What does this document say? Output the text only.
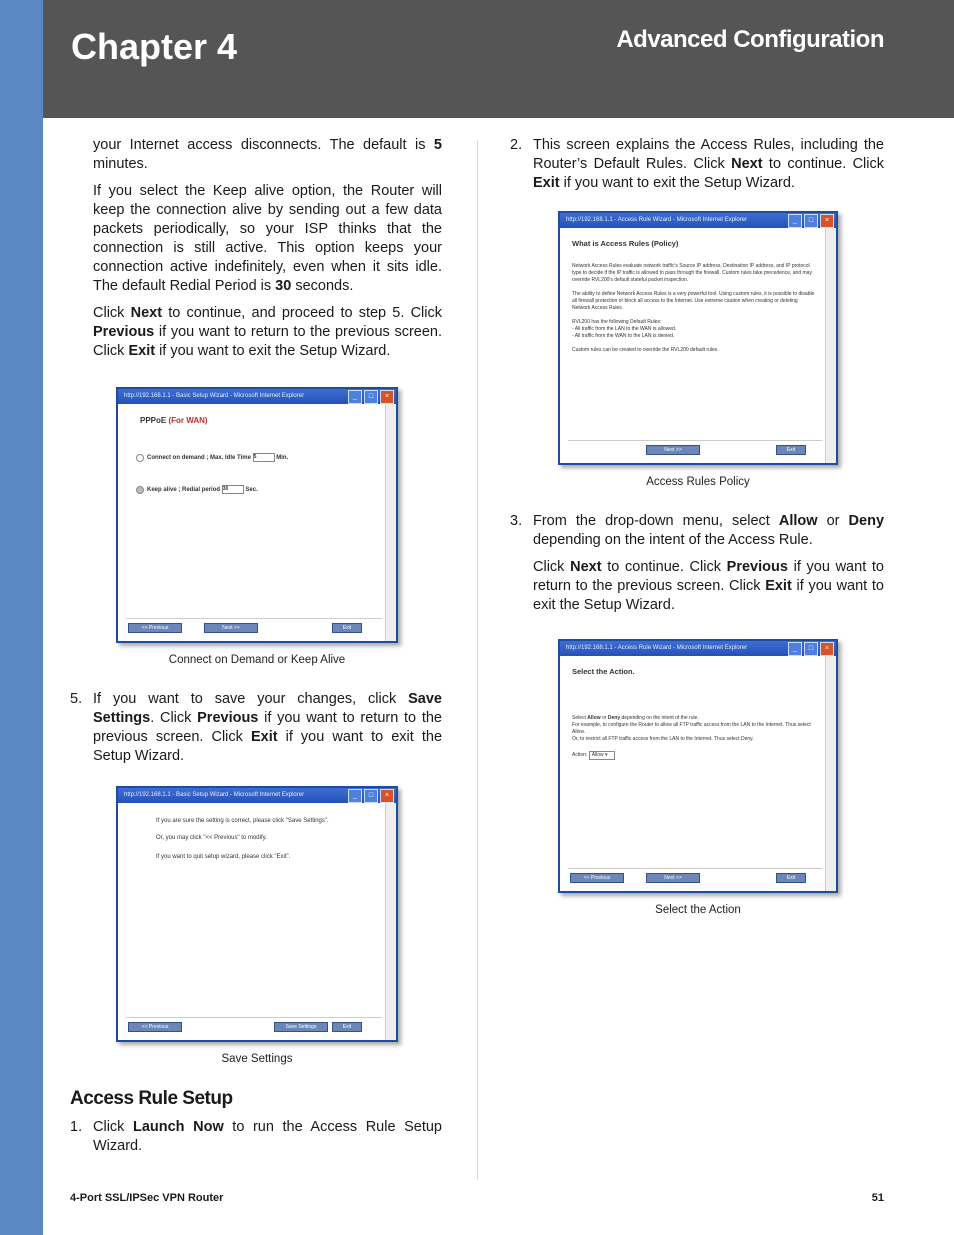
Chapter 4	Advanced Configuration

your Internet access disconnects. The default is 5 minutes.

If you select the Keep alive option, the Router will keep the connection alive by sending out a few data packets periodically, so your ISP thinks that the connection is still active. This option keeps your connection active indefinitely, even when it sits idle. The default Redial Period is 30 seconds.

Click Next to continue, and proceed to step 5. Click Previous if you want to return to the previous screen. Click Exit if you want to exit the Setup Wizard.

http://192.168.1.1 - Basic Setup Wizard - Microsoft Internet Explorer	_	□	×
PPPoE (For WAN)
Connect on demand ; Max. Idle Time 5	Min.
Keep alive ; Redial period 30	Sec.
<< Previous	Next >>	Exit
Connect on Demand or Keep Alive
5. If you want to save your changes, click Save Settings. Click Previous if you want to return to the previous screen. Click Exit if you want to exit the Setup Wizard.
http://192.168.1.1 - Basic Setup Wizard - Microsoft Internet Explorer	_	□	×
If you are sure the setting is correct, please click "Save Settings".
Or, you may click "<< Previous" to modify.
If you want to quit setup wizard, please click "Exit".
<< Previous	Save Settings	Exit
Save Settings
Access Rule Setup
1. Click Launch Now to run the Access Rule Setup Wizard.
2. This screen explains the Access Rules, including the Router’s Default Rules. Click Next to continue. Click Exit if you want to exit the Setup Wizard.
http://192.168.1.1 - Access Rule Wizard - Microsoft Internet Explorer	_	□	×
What is Access Rules (Policy)
Network Access Rules evaluate network traffic's Source IP address, Destination IP address, and IP protocol type to decide if the IP traffic is allowed to pass through the firewall. Custom rules take precedence, and may override RVL200's default stateful packet inspection.
The ability to define Network Access Rules is a very powerful tool. Using custom rules, it is possible to disable all firewall protection or block all access to the Internet. Use extreme caution when creating or deleting Network Access Rules.
RVL200 has the following Default Rules:
- All traffic from the LAN to the WAN is allowed.
- All traffic from the WAN to the LAN is denied.
Custom rules can be created to override the RVL200 default rules.
Next >>	Exit
Access Rules Policy
3. From the drop-down menu, select Allow or Deny depending on the intent of the Access Rule.

Click Next to continue. Click Previous if you want to return to the previous screen. Click Exit if you want to exit the Setup Wizard.

http://192.168.1.1 - Access Rule Wizard - Microsoft Internet Explorer	_	□	×
Select the Action.
Select Allow or Deny depending on the intent of the rule.
For example, to configure the Router to allow all FTP traffic access from the LAN to the Internet. Thus select Allow.
Or, to restrict all FTP traffic access from the LAN to the Internet. Thus select Deny.
Action: Allow ▾
<< Previous	Next >>	Exit
Select the Action
4-Port SSL/IPSec VPN Router	51
